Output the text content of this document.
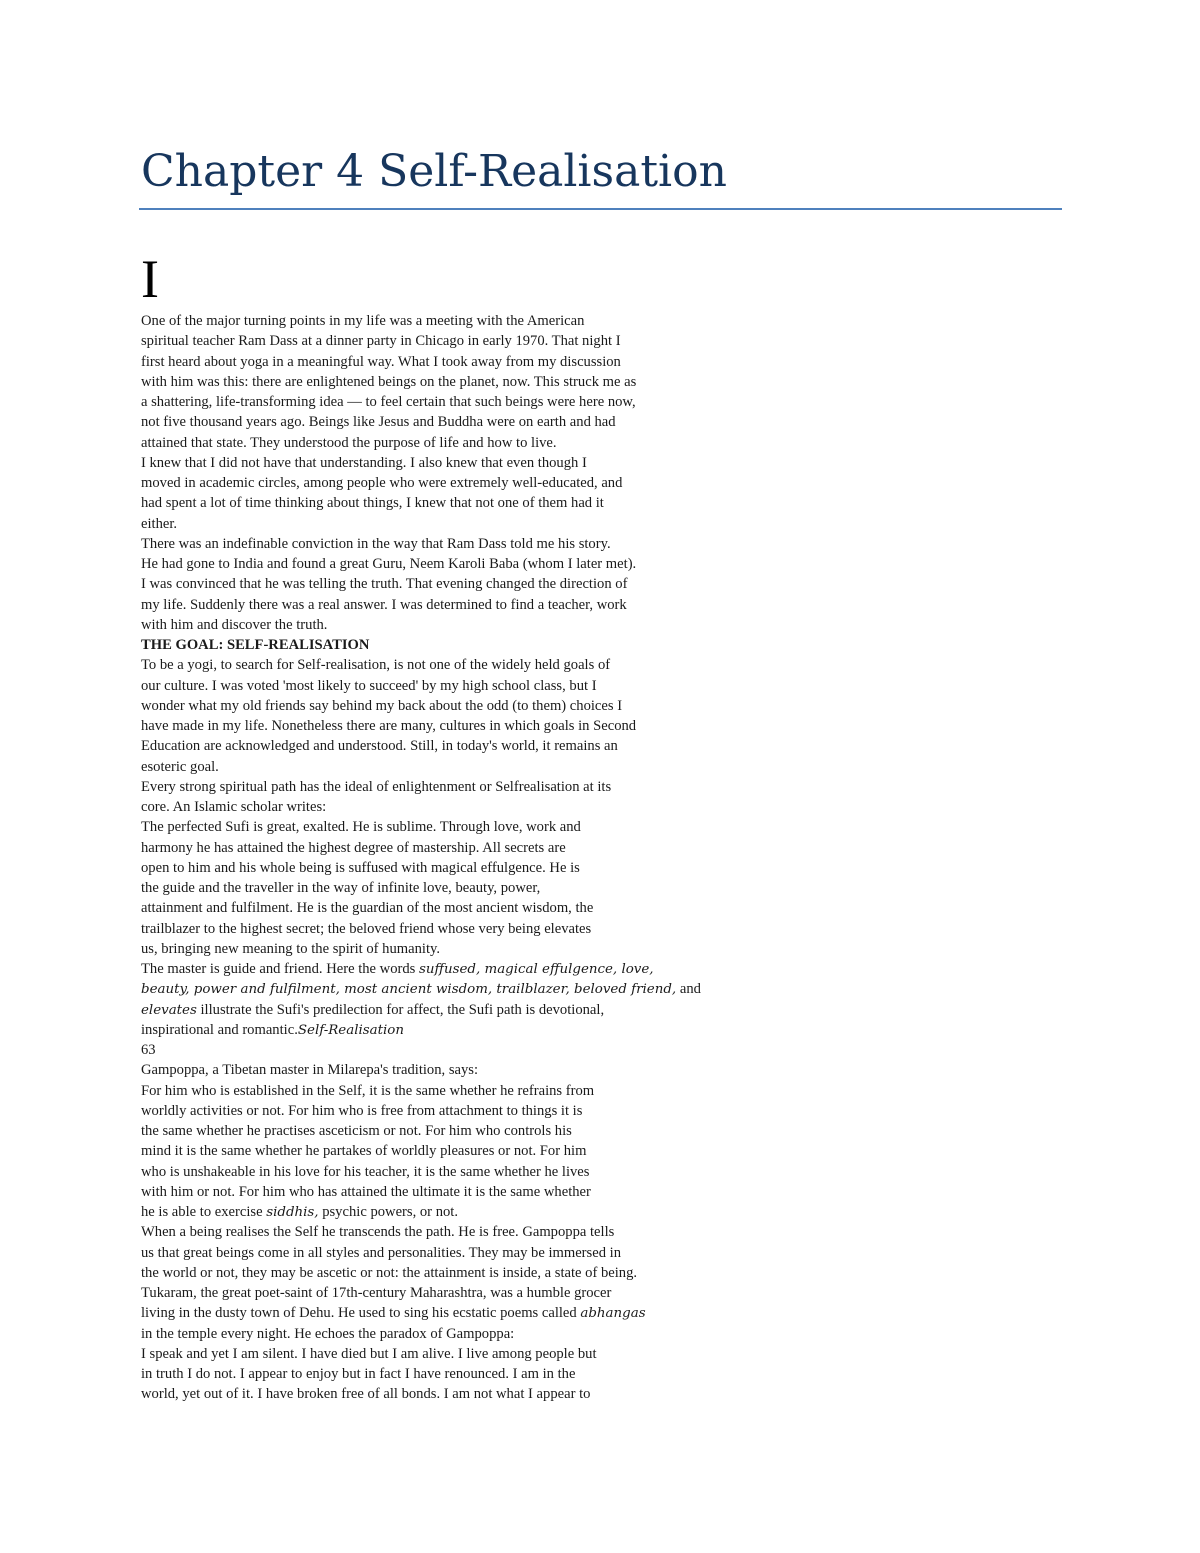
Chapter 4 Self-Realisation
I
One of the major turning points in my life was a meeting with the American
spiritual teacher Ram Dass at a dinner party in Chicago in early 1970. That night I
first heard about yoga in a meaningful way. What I took away from my discussion
with him was this: there are enlightened beings on the planet, now. This struck me as
a shattering, life-transforming idea — to feel certain that such beings were here now,
not five thousand years ago. Beings like Jesus and Buddha were on earth and had
attained that state. They understood the purpose of life and how to live.
I knew that I did not have that understanding. I also knew that even though I
moved in academic circles, among people who were extremely well-educated, and
had spent a lot of time thinking about things, I knew that not one of them had it
either.
There was an indefinable conviction in the way that Ram Dass told me his story.
He had gone to India and found a great Guru, Neem Karoli Baba (whom I later met).
I was convinced that he was telling the truth. That evening changed the direction of
my life. Suddenly there was a real answer. I was determined to find a teacher, work
with him and discover the truth.
THE GOAL: SELF-REALISATION
To be a yogi, to search for Self-realisation, is not one of the widely held goals of
our culture. I was voted 'most likely to succeed' by my high school class, but I
wonder what my old friends say behind my back about the odd (to them) choices I
have made in my life. Nonetheless there are many, cultures in which goals in Second
Education are acknowledged and understood. Still, in today's world, it remains an
esoteric goal.
Every strong spiritual path has the ideal of enlightenment or Selfrealisation at its
core. An Islamic scholar writes:
The perfected Sufi is great, exalted. He is sublime. Through love, work and
harmony he has attained the highest degree of mastership. All secrets are
open to him and his whole being is suffused with magical effulgence. He is
the guide and the traveller in the way of infinite love, beauty, power,
attainment and fulfilment. He is the guardian of the most ancient wisdom, the
trailblazer to the highest secret; the beloved friend whose very being elevates
us, bringing new meaning to the spirit of humanity.
The master is guide and friend. Here the words suffused, magical effulgence, love,
beauty, power and fulfilment, most ancient wisdom, trailblazer, beloved friend, and
elevates illustrate the Sufi's predilection for affect, the Sufi path is devotional,
inspirational and romantic.Self-Realisation
63
Gampoppa, a Tibetan master in Milarepa's tradition, says:
For him who is established in the Self, it is the same whether he refrains from
worldly activities or not. For him who is free from attachment to things it is
the same whether he practises asceticism or not. For him who controls his
mind it is the same whether he partakes of worldly pleasures or not. For him
who is unshakeable in his love for his teacher, it is the same whether he lives
with him or not. For him who has attained the ultimate it is the same whether
he is able to exercise siddhis, psychic powers, or not.
When a being realises the Self he transcends the path. He is free. Gampoppa tells
us that great beings come in all styles and personalities. They may be immersed in
the world or not, they may be ascetic or not: the attainment is inside, a state of being.
Tukaram, the great poet-saint of 17th-century Maharashtra, was a humble grocer
living in the dusty town of Dehu. He used to sing his ecstatic poems called abhangas
in the temple every night. He echoes the paradox of Gampoppa:
I speak and yet I am silent. I have died but I am alive. I live among people but
in truth I do not. I appear to enjoy but in fact I have renounced. I am in the
world, yet out of it. I have broken free of all bonds. I am not what I appear to
